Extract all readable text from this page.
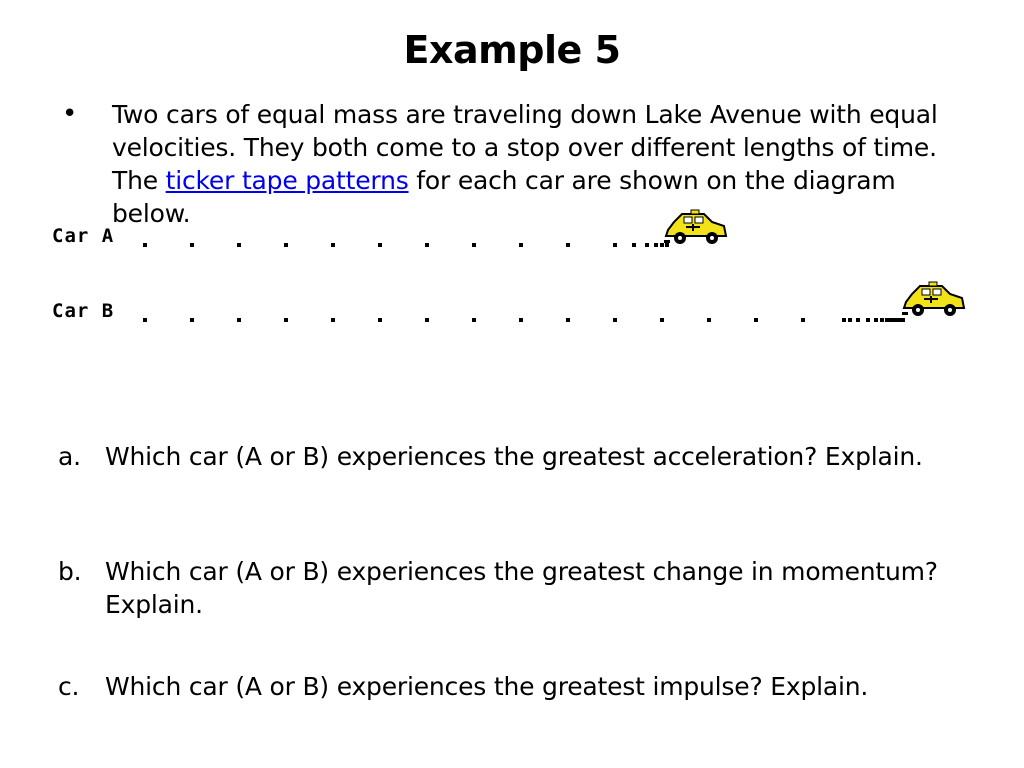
Example 5
• Two cars of equal mass are traveling down Lake Avenue with equal velocities. They both come to a stop over different lengths of time. The ticker tape patterns for each car are shown on the diagram below.
Car A
Car B
a. Which car (A or B) experiences the greatest acceleration? Explain.
b. Which car (A or B) experiences the greatest change in momentum? Explain.
c. Which car (A or B) experiences the greatest impulse? Explain.
